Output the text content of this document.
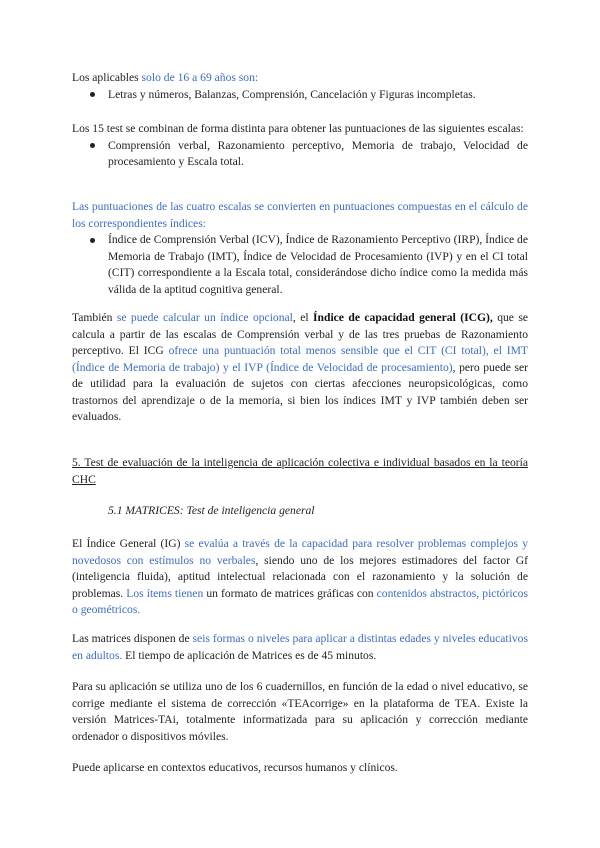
Los aplicables solo de 16 a 69 años son:
Letras y números, Balanzas, Comprensión, Cancelación y Figuras incompletas.
Los 15 test se combinan de forma distinta para obtener las puntuaciones de las siguientes escalas:
Comprensión verbal, Razonamiento perceptivo, Memoria de trabajo, Velocidad de procesamiento y Escala total.
Las puntuaciones de las cuatro escalas se convierten en puntuaciones compuestas en el cálculo de los correspondientes índices:
Índice de Comprensión Verbal (ICV), Índice de Razonamiento Perceptivo (IRP), Índice de Memoria de Trabajo (IMT), Índice de Velocidad de Procesamiento (IVP) y en el CI total (CIT) correspondiente a la Escala total, considerándose dicho índice como la medida más válida de la aptitud cognitiva general.
También se puede calcular un índice opcional, el Índice de capacidad general (ICG), que se calcula a partir de las escalas de Comprensión verbal y de las tres pruebas de Razonamiento perceptivo. El ICG ofrece una puntuación total menos sensible que el CIT (CI total), el IMT (Índice de Memoria de trabajo) y el IVP (Índice de Velocidad de procesamiento), pero puede ser de utilidad para la evaluación de sujetos con ciertas afecciones neuropsicológicas, como trastornos del aprendizaje o de la memoria, si bien los índices IMT y IVP también deben ser evaluados.
5. Test de evaluación de la inteligencia de aplicación colectiva e individual basados en la teoría CHC
5.1 MATRICES: Test de inteligencia general
El Índice General (IG) se evalúa a través de la capacidad para resolver problemas complejos y novedosos con estímulos no verbales, siendo uno de los mejores estimadores del factor Gf (inteligencia fluida), aptitud intelectual relacionada con el razonamiento y la solución de problemas. Los ítems tienen un formato de matrices gráficas con contenidos abstractos, pictóricos o geométricos.
Las matrices disponen de seis formas o niveles para aplicar a distintas edades y niveles educativos en adultos. El tiempo de aplicación de Matrices es de 45 minutos.
Para su aplicación se utiliza uno de los 6 cuadernillos, en función de la edad o nivel educativo, se corrige mediante el sistema de corrección «TEAcorrige» en la plataforma de TEA. Existe la versión Matrices-TAi, totalmente informatizada para su aplicación y corrección mediante ordenador o dispositivos móviles.
Puede aplicarse en contextos educativos, recursos humanos y clínicos.
